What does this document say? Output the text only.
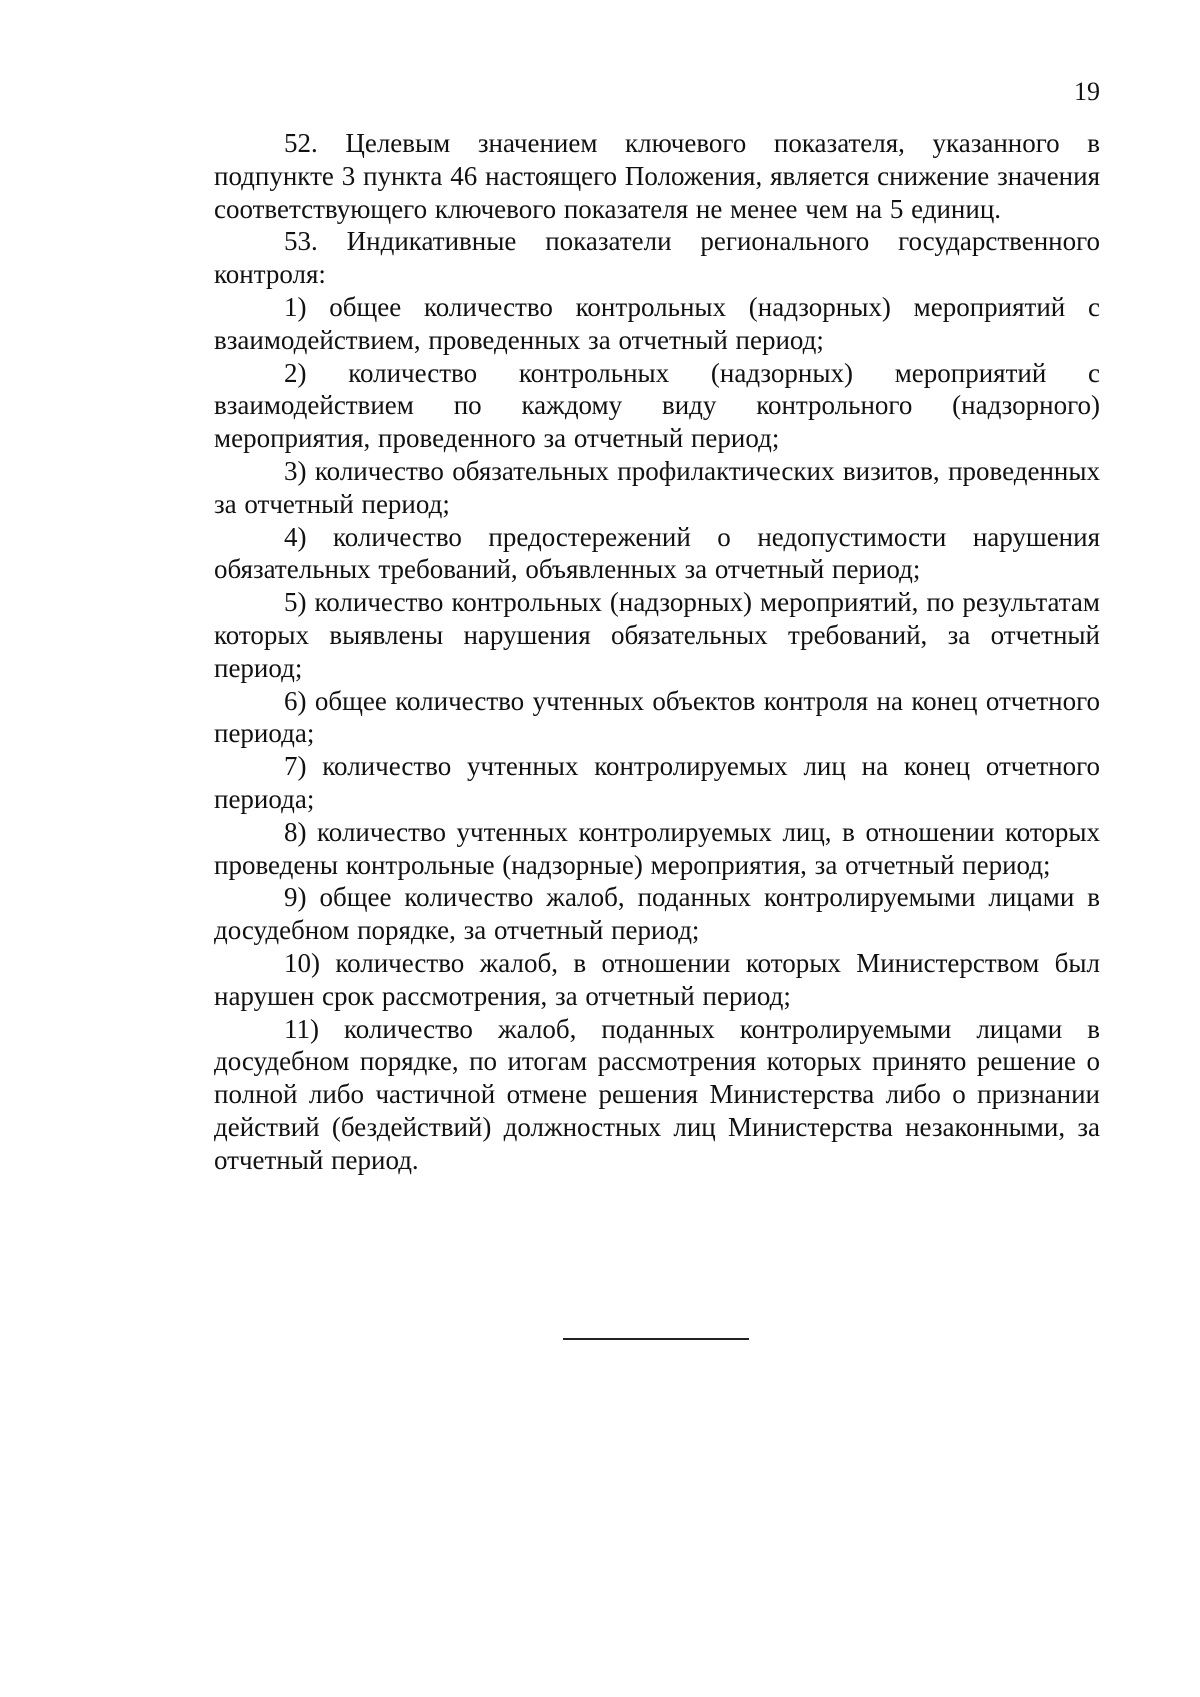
19

52. Целевым значением ключевого показателя, указанного в подпункте 3 пункта 46 настоящего Положения, является снижение значения соответствующего ключевого показателя не менее чем на 5 единиц.

53. Индикативные показатели регионального государственного контроля:

1) общее количество контрольных (надзорных) мероприятий с взаимодействием, проведенных за отчетный период;

2) количество контрольных (надзорных) мероприятий с взаимодействием по каждому виду контрольного (надзорного) мероприятия, проведенного за отчетный период;

3) количество обязательных профилактических визитов, проведенных за отчетный период;

4) количество предостережений о недопустимости нарушения обязательных требований, объявленных за отчетный период;

5) количество контрольных (надзорных) мероприятий, по результатам которых выявлены нарушения обязательных требований, за отчетный период;

6) общее количество учтенных объектов контроля на конец отчетного периода;

7) количество учтенных контролируемых лиц на конец отчетного периода;

8) количество учтенных контролируемых лиц, в отношении которых проведены контрольные (надзорные) мероприятия, за отчетный период;

9) общее количество жалоб, поданных контролируемыми лицами в досудебном порядке, за отчетный период;

10) количество жалоб, в отношении которых Министерством был нарушен срок рассмотрения, за отчетный период;

11) количество жалоб, поданных контролируемыми лицами в досудебном порядке, по итогам рассмотрения которых принято решение о полной либо частичной отмене решения Министерства либо о признании действий (бездействий) должностных лиц Министерства незаконными, за отчетный период.
